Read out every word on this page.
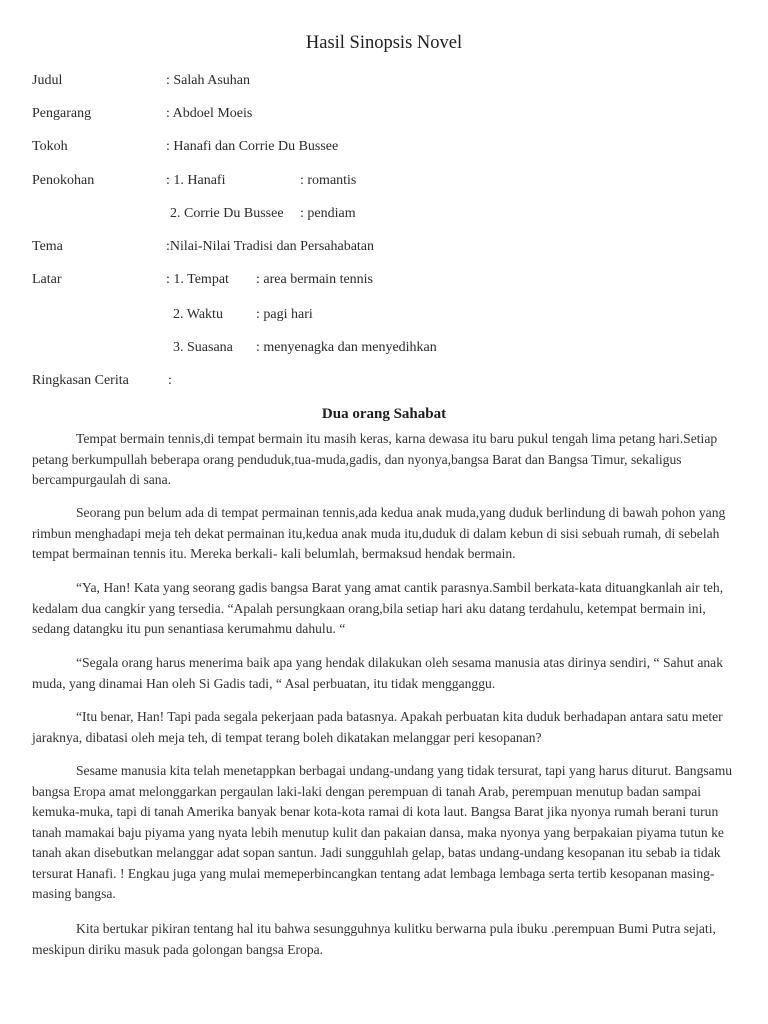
Hasil Sinopsis Novel
Judul	: Salah Asuhan
Pengarang	: Abdoel Moeis
Tokoh	: Hanafi dan Corrie Du Bussee
Penokohan	: 1. Hanafi	: romantis
2. Corrie Du Bussee : pendiam
Tema	:Nilai-Nilai Tradisi dan Persahabatan
Latar	: 1. Tempat : area bermain tennis
2. Waktu : pagi hari
3. Suasana : menyenagka dan menyedihkan
Ringkasan Cerita	:
Dua orang Sahabat

Tempat bermain tennis,di tempat bermain itu masih keras, karna dewasa itu baru pukul tengah lima petang hari.Setiap petang berkumpullah beberapa orang penduduk,tua-muda,gadis, dan nyonya,bangsa Barat dan Bangsa Timur, sekaligus bercampurgaulah di sana.

Seorang pun belum ada di tempat permainan tennis,ada kedua anak muda,yang duduk berlindung di bawah pohon yang rimbun menghadapi meja teh dekat permainan itu,kedua anak muda itu,duduk di dalam kebun di sisi sebuah rumah, di sebelah tempat bermainan tennis itu. Mereka berkali- kali belumlah, bermaksud hendak bermain.

“Ya, Han! Kata yang seorang gadis bangsa Barat yang amat cantik parasnya.Sambil berkata-kata dituangkanlah air teh, kedalam dua cangkir yang tersedia. “Apalah persungkaan orang,bila setiap hari aku datang terdahulu, ketempat bermain ini, sedang datangku itu pun senantiasa kerumahmu dahulu. “

“Segala orang harus menerima baik apa yang hendak dilakukan oleh sesama manusia atas dirinya sendiri, “ Sahut anak muda, yang dinamai Han oleh Si Gadis tadi, “ Asal perbuatan, itu tidak mengganggu.

“Itu benar, Han! Tapi pada segala pekerjaan pada batasnya. Apakah perbuatan kita duduk berhadapan antara satu meter jaraknya, dibatasi oleh meja teh, di tempat terang boleh dikatakan melanggar peri kesopanan?

Sesame manusia kita telah menetappkan berbagai undang-undang yang tidak tersurat, tapi yang harus diturut. Bangsamu bangsa Eropa amat melonggarkan pergaulan laki-laki dengan perempuan di tanah Arab, perempuan menutup badan sampai kemuka-muka, tapi di tanah Amerika banyak benar kota-kota ramai di kota laut. Bangsa Barat jika nyonya rumah berani turun tanah mamakai baju piyama yang nyata lebih menutup kulit dan pakaian dansa, maka nyonya yang berpakaian piyama tutun ke tanah akan disebutkan melanggar adat sopan santun. Jadi sungguhlah gelap, batas undang-undang kesopanan itu sebab ia tidak tersurat Hanafi. ! Engkau juga yang mulai memeperbincangkan tentang adat lembaga lembaga serta tertib kesopanan masing-masing bangsa.

Kita bertukar pikiran tentang hal itu bahwa sesungguhnya kulitku berwarna pula ibuku .perempuan Bumi Putra sejati, meskipun diriku masuk pada golongan bangsa Eropa.
